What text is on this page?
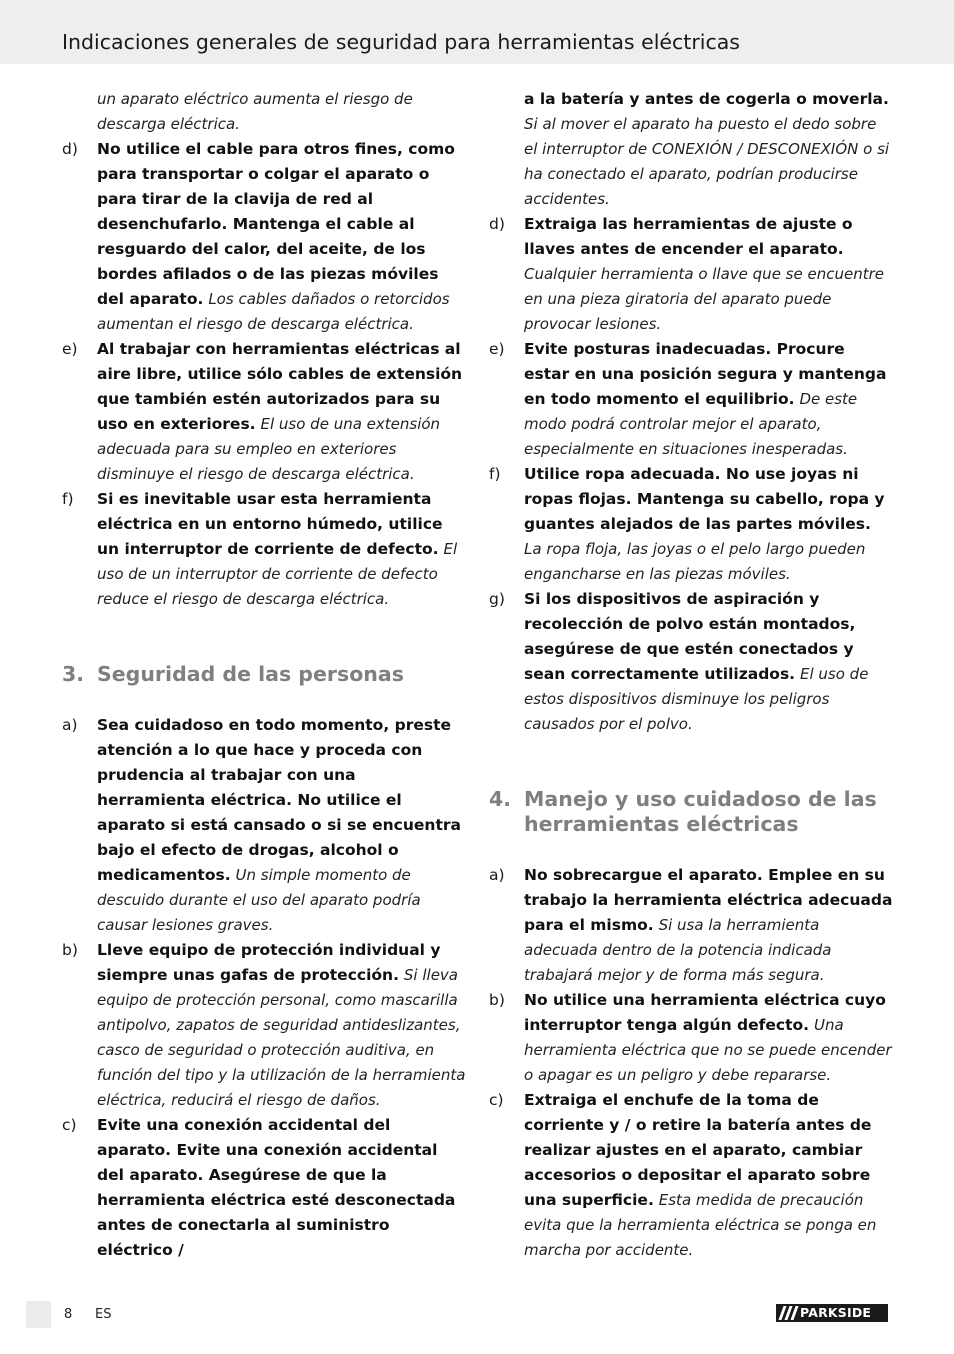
Indicaciones generales de seguridad para herramientas eléctricas

un aparato eléctrico aumenta el riesgo de descarga eléctrica.

d) No utilice el cable para otros fines, como para transportar o colgar el aparato o para tirar de la clavija de red al desenchufarlo. Mantenga el cable al resguardo del calor, del aceite, de los bordes afilados o de las piezas móviles del aparato. Los cables dañados o retorcidos aumentan el riesgo de descarga eléctrica.
e) Al trabajar con herramientas eléctricas al aire libre, utilice sólo cables de extensión que también estén autorizados para su uso en exteriores. El uso de una extensión adecuada para su empleo en exteriores disminuye el riesgo de descarga eléctrica.
f) Si es inevitable usar esta herramienta eléctrica en un entorno húmedo, utilice un interruptor de corriente de defecto. El uso de un interruptor de corriente de defecto reduce el riesgo de descarga eléctrica.
3. Seguridad de las personas
a) Sea cuidadoso en todo momento, preste atención a lo que hace y proceda con prudencia al trabajar con una herramienta eléctrica. No utilice el aparato si está cansado o si se encuentra bajo el efecto de drogas, alcohol o medicamentos. Un simple momento de descuido durante el uso del aparato podría causar lesiones graves.
b) Lleve equipo de protección individual y siempre unas gafas de protección. Si lleva equipo de protección personal, como mascarilla antipolvo, zapatos de seguridad antideslizantes, casco de seguridad o protección auditiva, en función del tipo y la utilización de la herramienta eléctrica, reducirá el riesgo de daños.
c) Evite una conexión accidental del aparato. Evite una conexión accidental del aparato. Asegúrese de que la herramienta eléctrica esté desconectada antes de conectarla al suministro eléctrico /

a la batería y antes de cogerla o moverla. Si al mover el aparato ha puesto el dedo sobre el interruptor de CONEXIÓN / DESCONEXIÓN o si ha conectado el aparato, podrían producirse accidentes.

d) Extraiga las herramientas de ajuste o llaves antes de encender el aparato. Cualquier herramienta o llave que se encuentre en una pieza giratoria del aparato puede provocar lesiones.
e) Evite posturas inadecuadas. Procure estar en una posición segura y mantenga en todo momento el equilibrio. De este modo podrá controlar mejor el aparato, especialmente en situaciones inesperadas.
f) Utilice ropa adecuada. No use joyas ni ropas flojas. Mantenga su cabello, ropa y guantes alejados de las partes móviles. La ropa floja, las joyas o el pelo largo pueden engancharse en las piezas móviles.
g) Si los dispositivos de aspiración y recolección de polvo están montados, asegúrese de que estén conectados y sean correctamente utilizados. El uso de estos dispositivos disminuye los peligros causados por el polvo.
4. Manejo y uso cuidadoso de las herramientas eléctricas
a) No sobrecargue el aparato. Emplee en su trabajo la herramienta eléctrica adecuada para el mismo. Si usa la herramienta adecuada dentro de la potencia indicada trabajará mejor y de forma más segura.
b) No utilice una herramienta eléctrica cuyo interruptor tenga algún defecto. Una herramienta eléctrica que no se puede encender o apagar es un peligro y debe repararse.
c) Extraiga el enchufe de la toma de corriente y / o retire la batería antes de realizar ajustes en el aparato, cambiar accesorios o depositar el aparato sobre una superficie. Esta medida de precaución evita que la herramienta eléctrica se ponga en marcha por accidente.
8 ES	PARKSIDE
